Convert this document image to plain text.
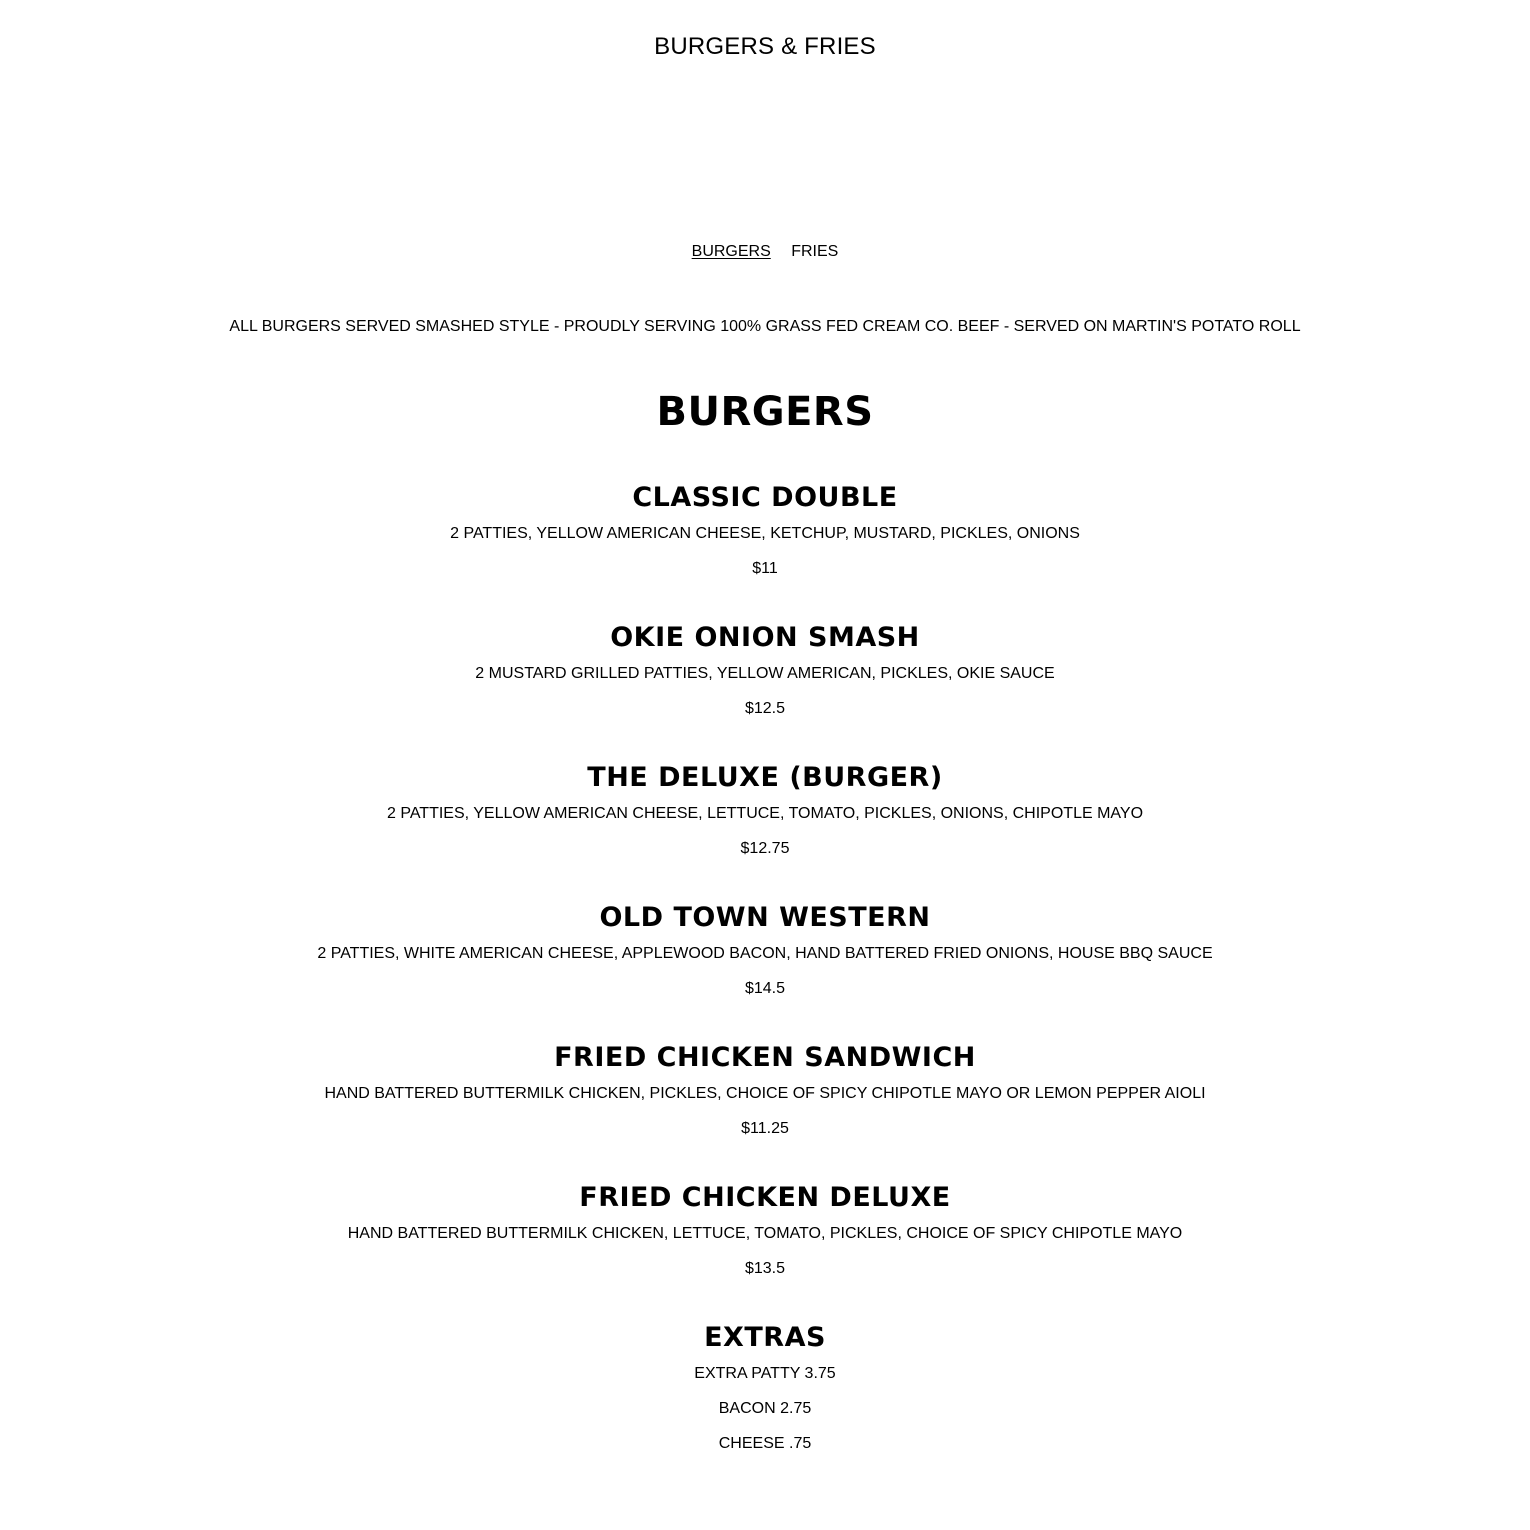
BURGERS & FRIES
BURGERS FRIES

ALL BURGERS SERVED SMASHED STYLE - PROUDLY SERVING 100% GRASS FED CREAM CO. BEEF - SERVED ON MARTIN'S POTATO ROLL

BURGERS
CLASSIC DOUBLE

2 PATTIES, YELLOW AMERICAN CHEESE, KETCHUP, MUSTARD, PICKLES, ONIONS

$11

OKIE ONION SMASH

2 MUSTARD GRILLED PATTIES, YELLOW AMERICAN, PICKLES, OKIE SAUCE

$12.5

THE DELUXE (BURGER)

2 PATTIES, YELLOW AMERICAN CHEESE, LETTUCE, TOMATO, PICKLES, ONIONS, CHIPOTLE MAYO

$12.75

OLD TOWN WESTERN

2 PATTIES, WHITE AMERICAN CHEESE, APPLEWOOD BACON, HAND BATTERED FRIED ONIONS, HOUSE BBQ SAUCE

$14.5

FRIED CHICKEN SANDWICH

HAND BATTERED BUTTERMILK CHICKEN, PICKLES, CHOICE OF SPICY CHIPOTLE MAYO OR LEMON PEPPER AIOLI

$11.25

FRIED CHICKEN DELUXE

HAND BATTERED BUTTERMILK CHICKEN, LETTUCE, TOMATO, PICKLES, CHOICE OF SPICY CHIPOTLE MAYO

$13.5

EXTRAS

EXTRA PATTY 3.75

BACON 2.75

CHEESE .75
